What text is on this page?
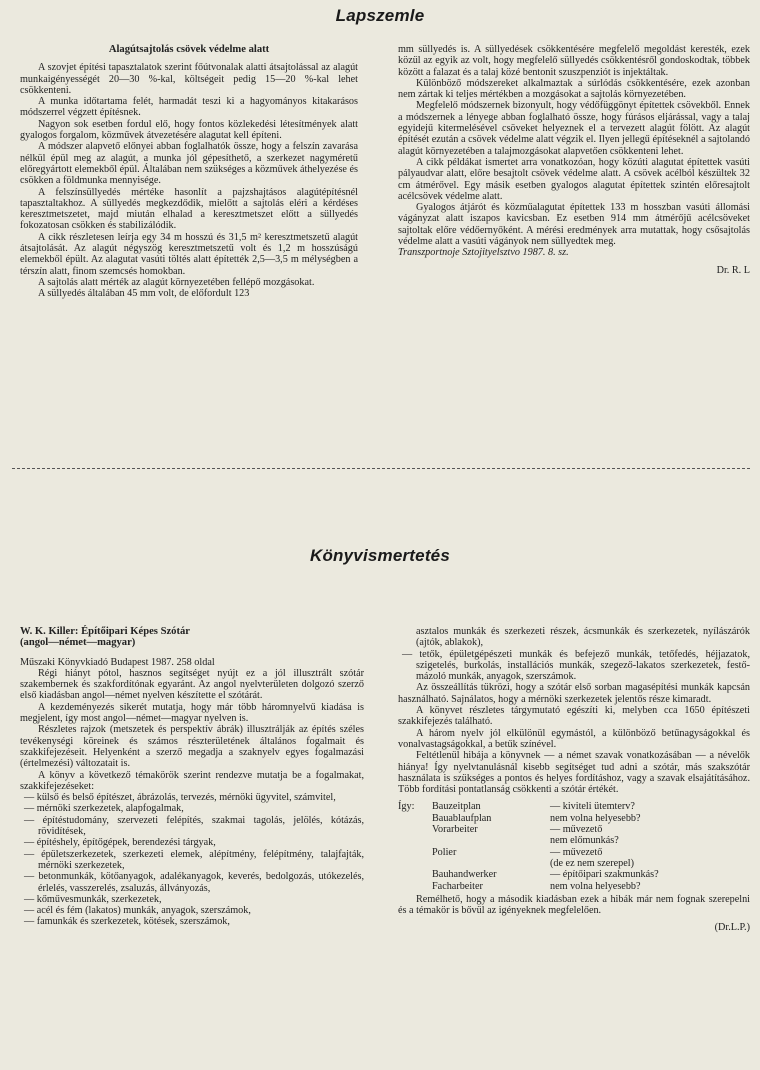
Lapszemle
Alagútsajtolás csövek védelme alatt

A szovjet építési tapasztalatok szerint főútvonalak alatti átsajtolással az alagút munkaigényességét 20—30 %-kal, költségeit pedig 15—20 %-kal lehet csökkenteni.

A munka időtartama felét, harmadát teszi ki a hagyományos kitakarásos módszerrel végzett építésnek.

Nagyon sok esetben fordul elő, hogy fontos közlekedési létesítmények alatt gyalogos forgalom, közművek átvezetésére alagutat kell építeni.

A módszer alapvető előnyei abban foglalhatók össze, hogy a felszín zavarása nélkül épül meg az alagút, a munka jól gépesíthető, a szerkezet nagyméretű előregyártott elemekből épül. Általában nem szükséges a közművek áthelyezése és csökken a földmunka mennyisége.

A felszínsüllyedés mértéke hasonlít a pajzshajtásos alagútépítésnél tapasztaltakhoz. A süllyedés megkezdődik, mielőtt a sajtolás eléri a kérdéses keresztmetszetet, majd miután elhalad a keresztmetszet előtt a süllyedés fokozatosan csökken és stabilizálódik.

A cikk részletesen leírja egy 34 m hosszú és 31,5 m² keresztmetszetű alagút átsajtolását. Az alagút négyszög keresztmetszetű volt és 1,2 m hosszúságú elemekből épült. Az alagutat vasúti töltés alatt építették 2,5—3,5 m mélységben a térszín alatt, finom szemcsés homokban.

A sajtolás alatt mérték az alagút környezetében fellépő mozgásokat.

A süllyedés általában 45 mm volt, de előfordult 123

mm süllyedés is. A süllyedések csökkentésére megfelelő megoldást keresték, ezek közül az egyik az volt, hogy megfelelő süllyedés csökkentésről gondoskodtak, többek között a falazat és a talaj közé bentonit szuszpenziót is injektáltak.

Különböző módszereket alkalmaztak a súrlódás csökkentésére, ezek azonban nem zártak ki teljes mértékben a mozgásokat a sajtolás környezetében.

Megfelelő módszernek bizonyult, hogy védőfüggönyt építettek csövekből. Ennek a módszernek a lényege abban foglalható össze, hogy fúrásos eljárással, vagy a talaj egyidejű kitermelésével csöveket helyeznek el a tervezett alagút fölött. Az alagút építését ezután a csövek védelme alatt végzik el. Ilyen jellegű építéseknél a sajtolandó alagút környezetében a talajmozgásokat alapvetően csökkenteni lehet.

A cikk példákat ismertet arra vonatkozóan, hogy közúti alagutat építettek vasúti pályaudvar alatt, előre besajtolt csövek védelme alatt. A csövek acélból készültek 32 cm átmérővel. Egy másik esetben gyalogos alagutat építettek szintén előresajtolt acélcsövek védelme alatt.

Gyalogos átjárót és közműalagutat építettek 133 m hosszban vasúti állomási vágányzat alatt iszapos kavicsban. Ez esetben 914 mm átmérőjű acélcsöveket sajtoltak előre védőernyőként. A mérési eredmények arra mutattak, hogy csősajtolás védelme alatt a vasúti vágányok nem süllyedtek meg.

Transzportnoje Sztojityelsztvo 1987. 8. sz.

Dr. R. L
Könyvismertetés
W. K. Killer: Építőipari Képes Szótár
(angol—német—magyar)

Műszaki Könyvkiadó Budapest 1987. 258 oldal

Régi hiányt pótol, hasznos segítséget nyújt ez a jól illusztrált szótár szakembernek és szakfordítónak egyaránt. Az angol nyelvterületen dolgozó szerző első kiadásban angol—német nyelven készítette el szótárát.

A kezdeményezés sikerét mutatja, hogy már több háromnyelvű kiadása is megjelent, így most angol—német—magyar nyelven is.

Részletes rajzok (metszetek és perspektív ábrák) illusztrálják az építés széles tevékenységi köreinek és számos részterületének általános fogalmait és szakkifejezéseit. Helyenként a szerző megadja a szaknyelv egyes fogalmazási (értelmezési) változatait is.

A könyv a következő témakörök szerint rendezve mutatja be a fogalmakat, szakkifejezéseket:

— külső és belső építészet, ábrázolás, tervezés, mérnöki ügyvitel, számvitel,
— mérnöki szerkezetek, alapfogalmak,
— építéstudomány, szervezeti felépítés, szakmai tagolás, jelölés, kótázás, rövidítések,
— építéshely, építőgépek, berendezési tárgyak,
— épületszerkezetek, szerkezeti elemek, alépítmény, felépítmény, talajfajták, mérnöki szerkezetek,
— betonmunkák, kötőanyagok, adalékanyagok, keverés, bedolgozás, utókezelés, érlelés, vasszerelés, zsaluzás, állványozás,
— kőművesmunkák, szerkezetek,
— acél és fém (lakatos) munkák, anyagok, szerszámok,
— famunkák és szerkezetek, kötések, szerszámok,

asztalos munkák és szerkezeti részek, ácsmunkák és szerkezetek, nyílászárók (ajtók, ablakok),

— tetők, épületgépészeti munkák és befejező munkák, tetőfedés, héjjazatok, szigetelés, burkolás, installációs munkák, szegező-lakatos szerkezetek, festő-mázoló munkák, anyagok, szerszámok.

Az összeállítás tükrözi, hogy a szótár első sorban magasépítési munkák kapcsán használható. Sajnálatos, hogy a mérnöki szerkezetek jelentős része kimaradt.

A könyvet részletes tárgymutató egészíti ki, melyben cca 1650 építészeti szakkifejezés található.

A három nyelv jól elkülönül egymástól, a különböző betűnagyságokkal és vonalvastagságokkal, a betűk színével.

Feltétlenül hibája a könyvnek — a német szavak vonatkozásában — a névelők hiánya! Így nyelvtanulásnál kisebb segítséget tud adni a szótár, más szakszótár használata is szükséges a pontos és helyes fordításhoz, vagy a szavak elsajátításához. Több fordítási pontatlanság csökkenti a szótár értékét.

Így:	Bauzeitplan	— kiviteli ütemterv?
Bauablaufplan	nem volna helyesebb?
Vorarbeiter	— művezető
nem előmunkás?
Polier	— művezető
(de ez nem szerepel)
Bauhandwerker	— építőipari szakmunkás?
Facharbeiter	nem volna helyesebb?

Remélhető, hogy a második kiadásban ezek a hibák már nem fognak szerepelni és a témakör is bővül az igényeknek megfelelően.

(Dr.L.P.)
